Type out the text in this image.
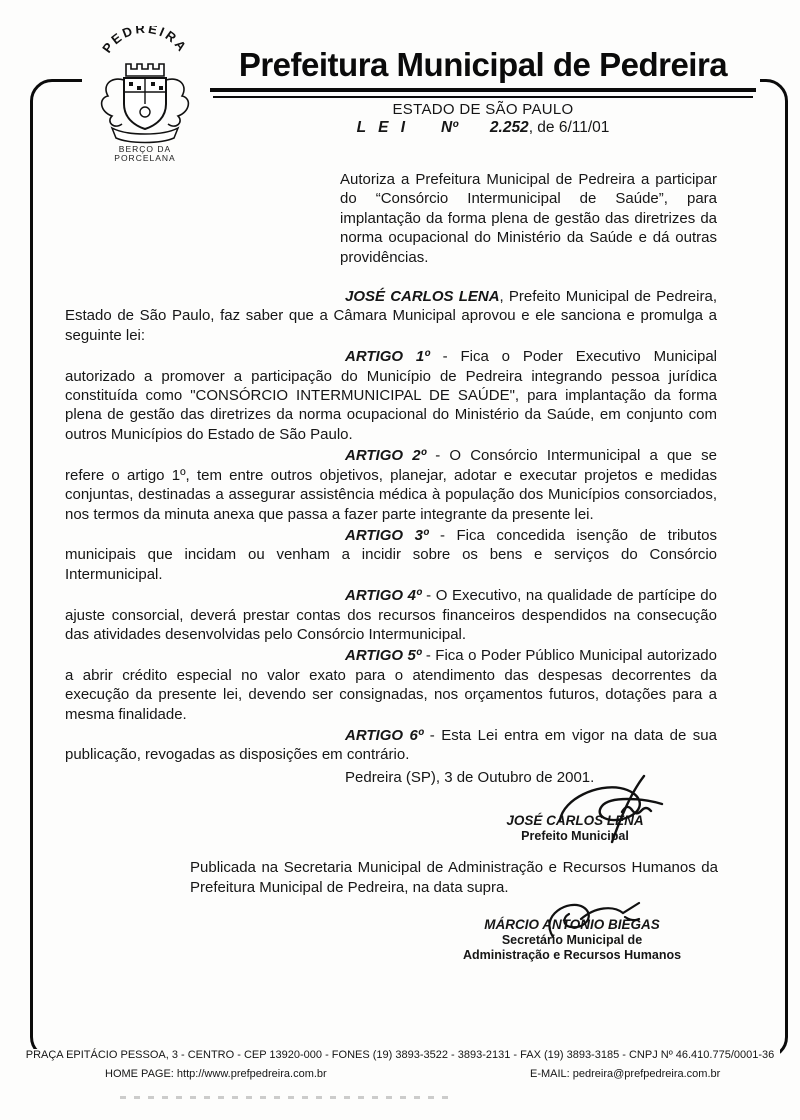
PEDREIRA
BERÇO DA
PORCELANA
Prefeitura Municipal de Pedreira
ESTADO DE SÃO PAULO
L E I Nº 2.252, de 6/11/01

Autoriza a Prefeitura Municipal de Pedreira a participar do “Consórcio Intermunicipal de Saúde”, para implantação da forma plena de gestão das diretrizes da norma ocupacional do Ministério da Saúde e dá outras providências.

JOSÉ CARLOS LENA, Prefeito Municipal de Pedreira, Estado de São Paulo, faz saber que a Câmara Municipal aprovou e ele sanciona e promulga a seguinte lei:

ARTIGO 1º - Fica o Poder Executivo Municipal autorizado a promover a participação do Município de Pedreira integrando pessoa jurídica constituída como "CONSÓRCIO INTERMUNICIPAL DE SAÚDE", para implantação da forma plena de gestão das diretrizes da norma ocupacional do Ministério da Saúde, em conjunto com outros Municípios do Estado de São Paulo.

ARTIGO 2º - O Consórcio Intermunicipal a que se refere o artigo 1º, tem entre outros objetivos, planejar, adotar e executar projetos e medidas conjuntas, destinadas a assegurar assistência médica à população dos Municípios consorciados, nos termos da minuta anexa que passa a fazer parte integrante da presente lei.

ARTIGO 3º - Fica concedida isenção de tributos municipais que incidam ou venham a incidir sobre os bens e serviços do Consórcio Intermunicipal.

ARTIGO 4º - O Executivo, na qualidade de partícipe do ajuste consorcial, deverá prestar contas dos recursos financeiros despendidos na consecução das atividades desenvolvidas pelo Consórcio Intermunicipal.

ARTIGO 5º - Fica o Poder Público Municipal autorizado a abrir crédito especial no valor exato para o atendimento das despesas decorrentes da execução da presente lei, devendo ser consignadas, nos orçamentos futuros, dotações para a mesma finalidade.

ARTIGO 6º - Esta Lei entra em vigor na data de sua publicação, revogadas as disposições em contrário.

Pedreira (SP), 3 de Outubro de 2001.

JOSÉ CARLOS LENA
Prefeito Municipal

Publicada na Secretaria Municipal de Administração e Recursos Humanos da Prefeitura Municipal de Pedreira, na data supra.

MÁRCIO ANTONIO BIEGAS
Secretário Municipal de
Administração e Recursos Humanos
PRAÇA EPITÁCIO PESSOA, 3 - CENTRO - CEP 13920-000 - FONES (19) 3893-3522 - 3893-2131 - FAX (19) 3893-3185 - CNPJ Nº 46.410.775/0001-36
HOME PAGE: http://www.prefpedreira.com.br	E-MAIL: pedreira@prefpedreira.com.br
